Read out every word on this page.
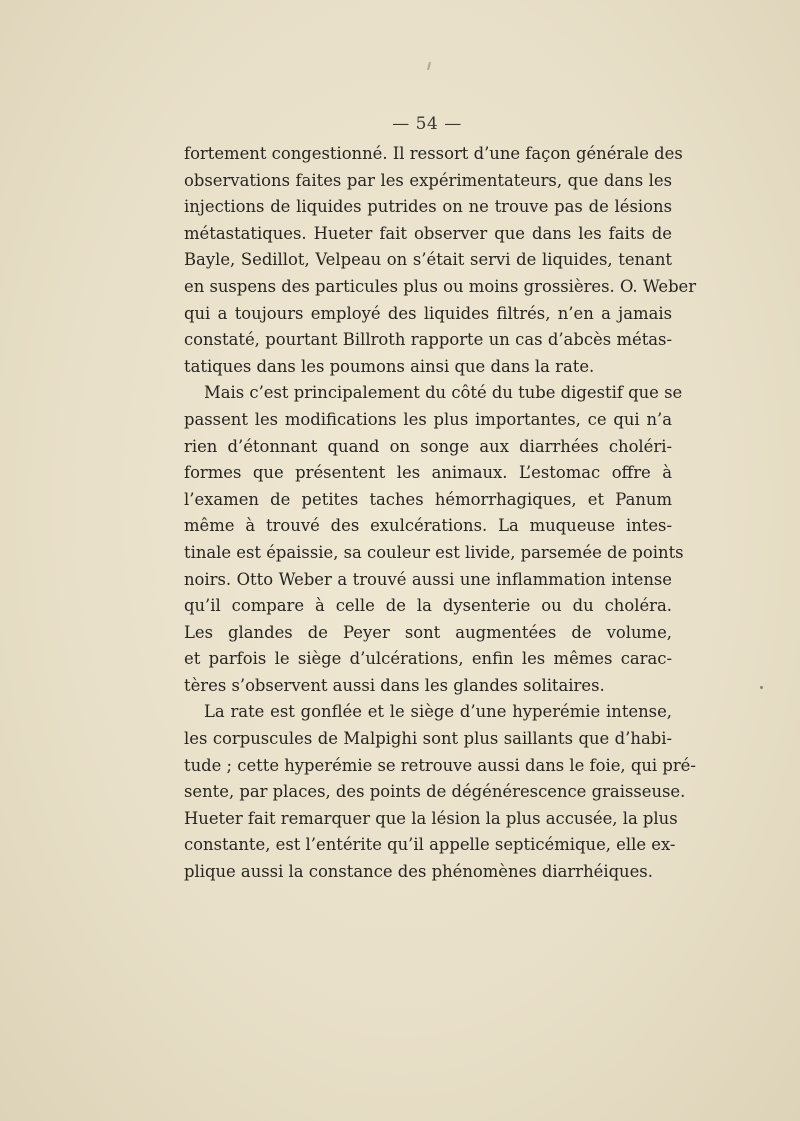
— 54 —
fortement congestionné. Il ressort d’une façon générale des
observations faites par les expérimentateurs, que dans les
injections de liquides putrides on ne trouve pas de lésions
métastatiques. Hueter fait observer que dans les faits de
Bayle, Sedillot, Velpeau on s’était servi de liquides, tenant
en suspens des particules plus ou moins grossières. O. Weber
qui a toujours employé des liquides filtrés, n’en a jamais
constaté, pourtant Billroth rapporte un cas d’abcès métas-
tatiques dans les poumons ainsi que dans la rate.
Mais c’est principalement du côté du tube digestif que se
passent les modifications les plus importantes, ce qui n’a
rien d’étonnant quand on songe aux diarrhées choléri-
formes que présentent les animaux. L’estomac offre à
l’examen de petites taches hémorrhagiques, et Panum
même à trouvé des exulcérations. La muqueuse intes-
tinale est épaissie, sa couleur est livide, parsemée de points
noirs. Otto Weber a trouvé aussi une inflammation intense
qu’il compare à celle de la dysenterie ou du choléra.
Les glandes de Peyer sont augmentées de volume,
et parfois le siège d’ulcérations, enfin les mêmes carac-
tères s’observent aussi dans les glandes solitaires.
La rate est gonflée et le siège d’une hyperémie intense,
les corpuscules de Malpighi sont plus saillants que d’habi-
tude ; cette hyperémie se retrouve aussi dans le foie, qui pré-
sente, par places, des points de dégénérescence graisseuse.
Hueter fait remarquer que la lésion la plus accusée, la plus
constante, est l’entérite qu’il appelle septicémique, elle ex-
plique aussi la constance des phénomènes diarrhéiques.
